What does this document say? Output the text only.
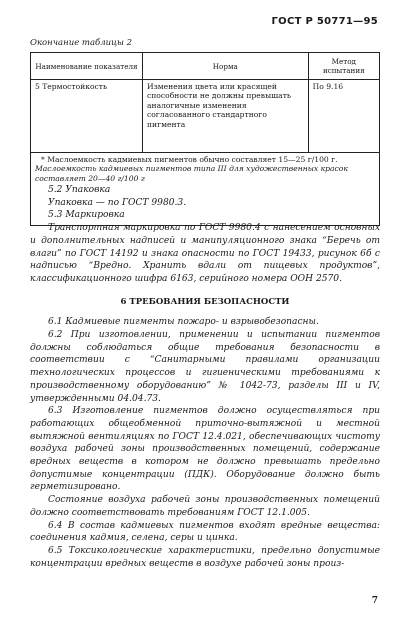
ГОСТ Р 50771—95
Окончание таблицы 2
Наименование показателя	Норма	Метод испытания
5 Термостойкость	Изменения цвета или красящей способности не должны превышать аналогичные изменения согласованного стандартного пигмента	По 9.16

* Маслоемкость кадмиевых пигментов обычно составляет 15—25 г/100 г.
Маслоемкость кадмиевых пигментов типа III для художественных красок составляет 20—40 г/100 г		

5.2 Упаковка

Упаковка — по ГОСТ 9980.3.

5.3 Маркировка

Транспортная маркировка по ГОСТ 9980.4 с нанесением основных и дополнительных надписей и манипуляционного знака “Беречь от влаги” по ГОСТ 14192 и знака опасности по ГОСТ 19433, рисунок 6б с надписью “Вредно. Хранить вдали от пищевых продуктов”, классификационного шифра 6163, серийного номера ООН 2570.

6 ТРЕБОВАНИЯ БЕЗОПАСНОСТИ

6.1 Кадмиевые пигменты пожаро- и взрывобезопасны.

6.2 При изготовлении, применении и испытании пигментов должны соблюдаться общие требования безопасности в соответствии с “Санитарными правилами организации технологических процессов и гигиеническими требованиями к производственному оборудованию” № 1042-73, разделы III и IV, утвержденными 04.04.73.

6.3 Изготовление пигментов должно осуществляться при работающих общеобменной приточно-вытяжной и местной вытяжной вентиляциях по ГОСТ 12.4.021, обеспечивающих чистоту воздуха рабочей зоны производственных помещений, содержание вредных веществ в котором не должно превышать предельно допустимые концентрации (ПДК). Оборудование должно быть герметизировано.

Состояние воздуха рабочей зоны производственных помещений должно соответствовать требованиям ГОСТ 12.1.005.

6.4 В состав кадмиевых пигментов входят вредные вещества: соединения кадмия, селена, серы и цинка.

6.5 Токсикологические характеристики, предельно допустимые концентрации вредных веществ в воздухе рабочей зоны произ-

7
